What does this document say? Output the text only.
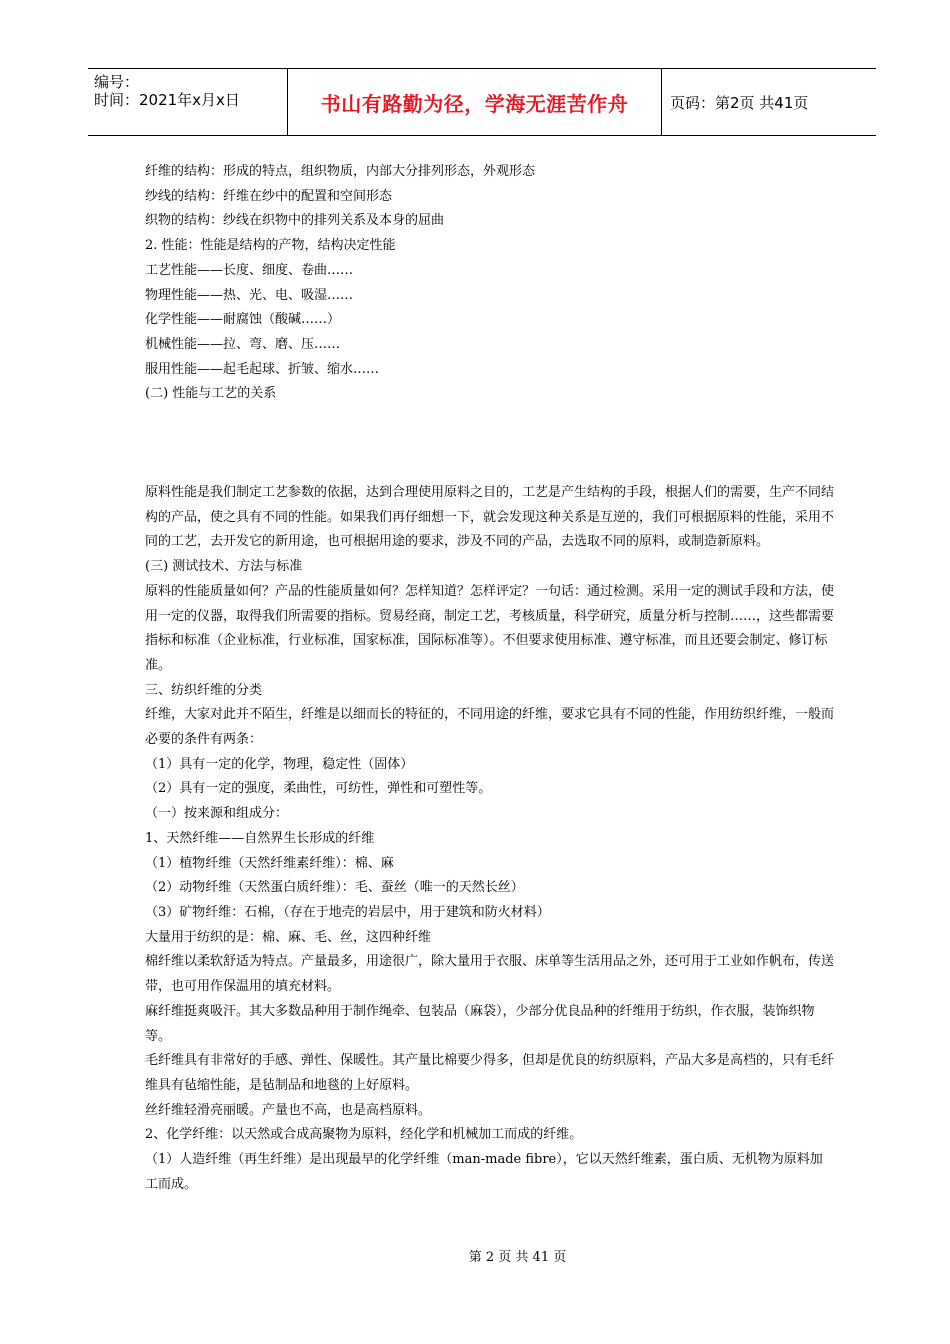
编号：
时间：2021年x月x日	书山有路勤为径，学海无涯苦作舟	页码：第2页 共41页

纤维的结构：形成的特点，组织物质，内部大分排列形态，外观形态

纱线的结构：纤维在纱中的配置和空间形态

织物的结构：纱线在织物中的排列关系及本身的屈曲

2. 性能：性能是结构的产物，结构决定性能

工艺性能——长度、细度、卷曲……

物理性能——热、光、电、吸湿……

化学性能——耐腐蚀（酸碱……）

机械性能——拉、弯、磨、压……

服用性能——起毛起球、折皱、缩水……

(二) 性能与工艺的关系

原料性能是我们制定工艺参数的依据，达到合理使用原料之目的，工艺是产生结构的手段，根据人们的需要，生产不同结构的产品，使之具有不同的性能。如果我们再仔细想一下，就会发现这种关系是互逆的，我们可根据原料的性能，采用不同的工艺，去开发它的新用途，也可根据用途的要求，涉及不同的产品，去选取不同的原料，或制造新原料。

(三) 测试技术、方法与标准

原料的性能质量如何？产品的性能质量如何？怎样知道？怎样评定？一句话：通过检测。采用一定的测试手段和方法，使用一定的仪器，取得我们所需要的指标。贸易经商，制定工艺，考核质量，科学研究，质量分析与控制……，这些都需要指标和标准（企业标准，行业标准，国家标准，国际标准等）。不但要求使用标准、遵守标准，而且还要会制定、修订标准。

三、纺织纤维的分类

纤维，大家对此并不陌生，纤维是以细而长的特征的，不同用途的纤维，要求它具有不同的性能，作用纺织纤维，一般而必要的条件有两条：

（1）具有一定的化学，物理，稳定性（固体）

（2）具有一定的强度，柔曲性，可纺性，弹性和可塑性等。

（一）按来源和组成分：

1、天然纤维——自然界生长形成的纤维

（1）植物纤维（天然纤维素纤维）：棉、麻

（2）动物纤维（天然蛋白质纤维）：毛、蚕丝（唯一的天然长丝）

（3）矿物纤维：石棉，（存在于地壳的岩层中，用于建筑和防火材料）

大量用于纺织的是：棉、麻、毛、丝，这四种纤维

棉纤维以柔软舒适为特点。产量最多，用途很广，除大量用于衣服、床单等生活用品之外，还可用于工业如作帆布，传送带，也可用作保温用的填充材料。

麻纤维挺爽吸汗。其大多数品种用于制作绳牵、包装品（麻袋），少部分优良品种的纤维用于纺织，作衣服，装饰织物等。

毛纤维具有非常好的手感、弹性、保暖性。其产量比棉要少得多，但却是优良的纺织原料，产品大多是高档的，只有毛纤维具有毡缩性能，是毡制品和地毯的上好原料。

丝纤维轻滑亮丽暖。产量也不高，也是高档原料。

2、化学纤维：以天然或合成高聚物为原料，经化学和机械加工而成的纤维。

（1）人造纤维（再生纤维）是出现最早的化学纤维（man-made fibre），它以天然纤维素，蛋白质、无机物为原料加工而成。

第 2 页 共 41 页
